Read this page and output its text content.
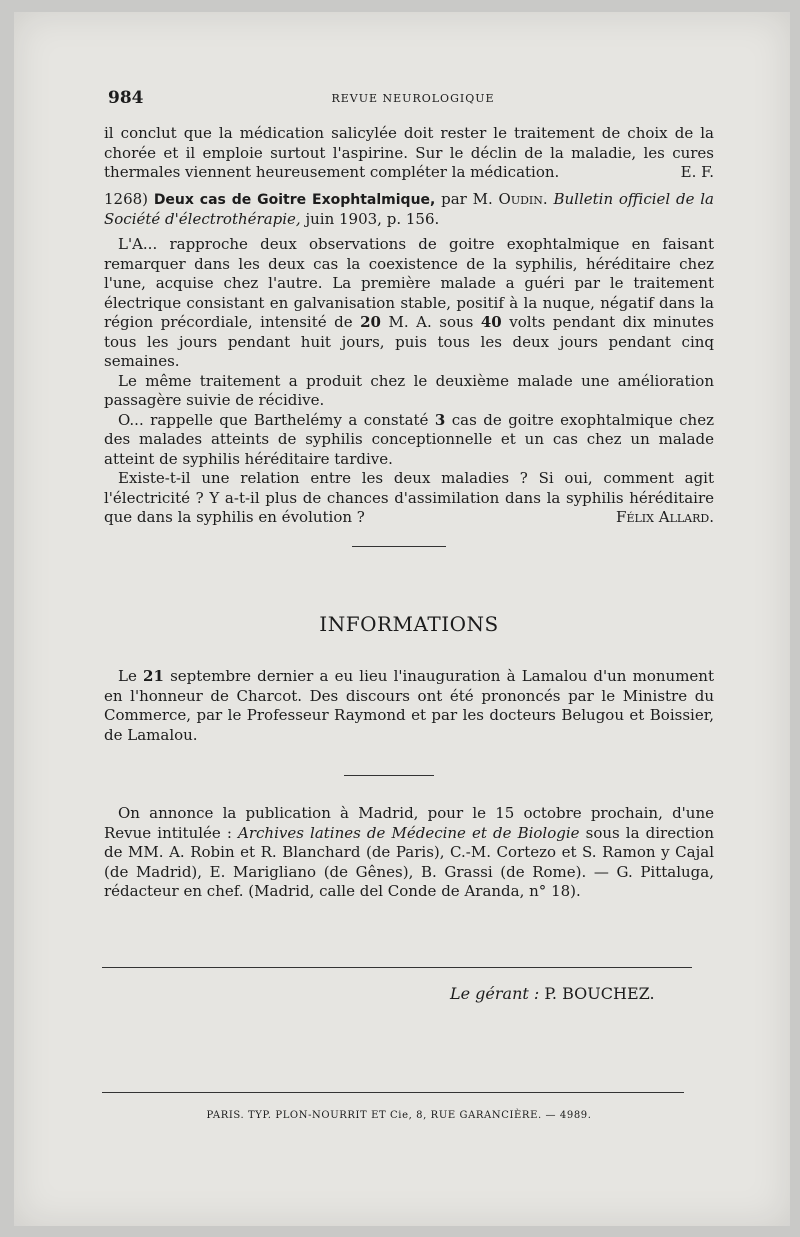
984	REVUE NEUROLOGIQUE

il conclut que la médication salicylée doit rester le traitement de choix de la chorée et il emploie surtout l'aspirine. Sur le déclin de la maladie, les cures thermales viennent heureusement compléter la médication.	E. F.

1268) Deux cas de Goitre Exophtalmique, par M. Oudin. Bulletin officiel de la Société d'électrothérapie, juin 1903, p. 156.

L'A... rapproche deux observations de goitre exophtalmique en faisant remarquer dans les deux cas la coexistence de la syphilis, héréditaire chez l'une, acquise chez l'autre. La première malade a guéri par le traitement électrique consistant en galvanisation stable, positif à la nuque, négatif dans la région précordiale, intensité de 20 M. A. sous 40 volts pendant dix minutes tous les jours pendant huit jours, puis tous les deux jours pendant cinq semaines.

Le même traitement a produit chez le deuxième malade une amélioration passagère suivie de récidive.

O... rappelle que Barthelémy a constaté 3 cas de goitre exophtalmique chez des malades atteints de syphilis conceptionnelle et un cas chez un malade atteint de syphilis héréditaire tardive.

Existe-t-il une relation entre les deux maladies ? Si oui, comment agit l'électricité ? Y a-t-il plus de chances d'assimilation dans la syphilis héréditaire que dans la syphilis en évolution ?	Félix Allard.

INFORMATIONS

Le 21 septembre dernier a eu lieu l'inauguration à Lamalou d'un monument en l'honneur de Charcot. Des discours ont été prononcés par le Ministre du Commerce, par le Professeur Raymond et par les docteurs Belugou et Boissier, de Lamalou.

On annonce la publication à Madrid, pour le 15 octobre prochain, d'une Revue intitulée : Archives latines de Médecine et de Biologie sous la direction de MM. A. Robin et R. Blanchard (de Paris), C.-M. Cortezo et S. Ramon y Cajal (de Madrid), E. Marigliano (de Gênes), B. Grassi (de Rome). — G. Pittaluga, rédacteur en chef. (Madrid, calle del Conde de Aranda, n° 18).

Le gérant : P. BOUCHEZ.
PARIS. TYP. PLON-NOURRIT ET Cie, 8, RUE GARANCIÈRE. — 4989.
